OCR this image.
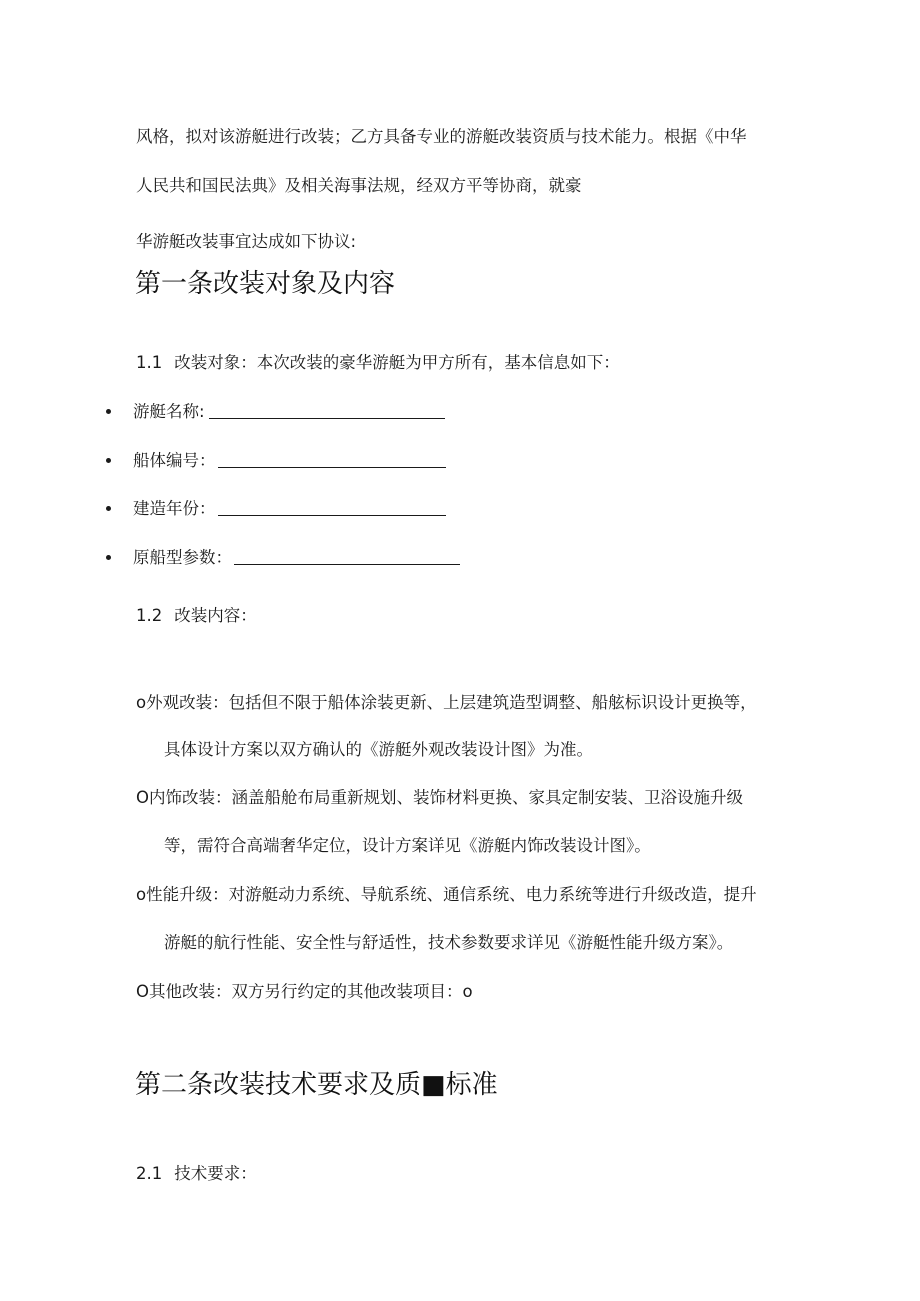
风格，拟对该游艇进行改装；乙方具备专业的游艇改装资质与技术能力。根据《中华
人民共和国民法典》及相关海事法规，经双方平等协商，就豪
华游艇改装事宜达成如下协议:
第一条改装对象及内容
1.1 改装对象：本次改装的豪华游艇为甲方所有，基本信息如下：
游艇名称:
船体编号：
建造年份：
原船型参数：
1.2 改装内容：
o外观改装：包括但不限于船体涂装更新、上层建筑造型调整、船舷标识设计更换等，
具体设计方案以双方确认的《游艇外观改装设计图》为准。
O内饰改装：涵盖船舱布局重新规划、装饰材料更换、家具定制安装、卫浴设施升级
等，需符合高端奢华定位，设计方案详见《游艇内饰改装设计图》。
o性能升级：对游艇动力系统、导航系统、通信系统、电力系统等进行升级改造，提升
游艇的航行性能、安全性与舒适性，技术参数要求详见《游艇性能升级方案》。
O其他改装：双方另行约定的其他改装项目：o
第二条改装技术要求及质■标准
2.1 技术要求：
